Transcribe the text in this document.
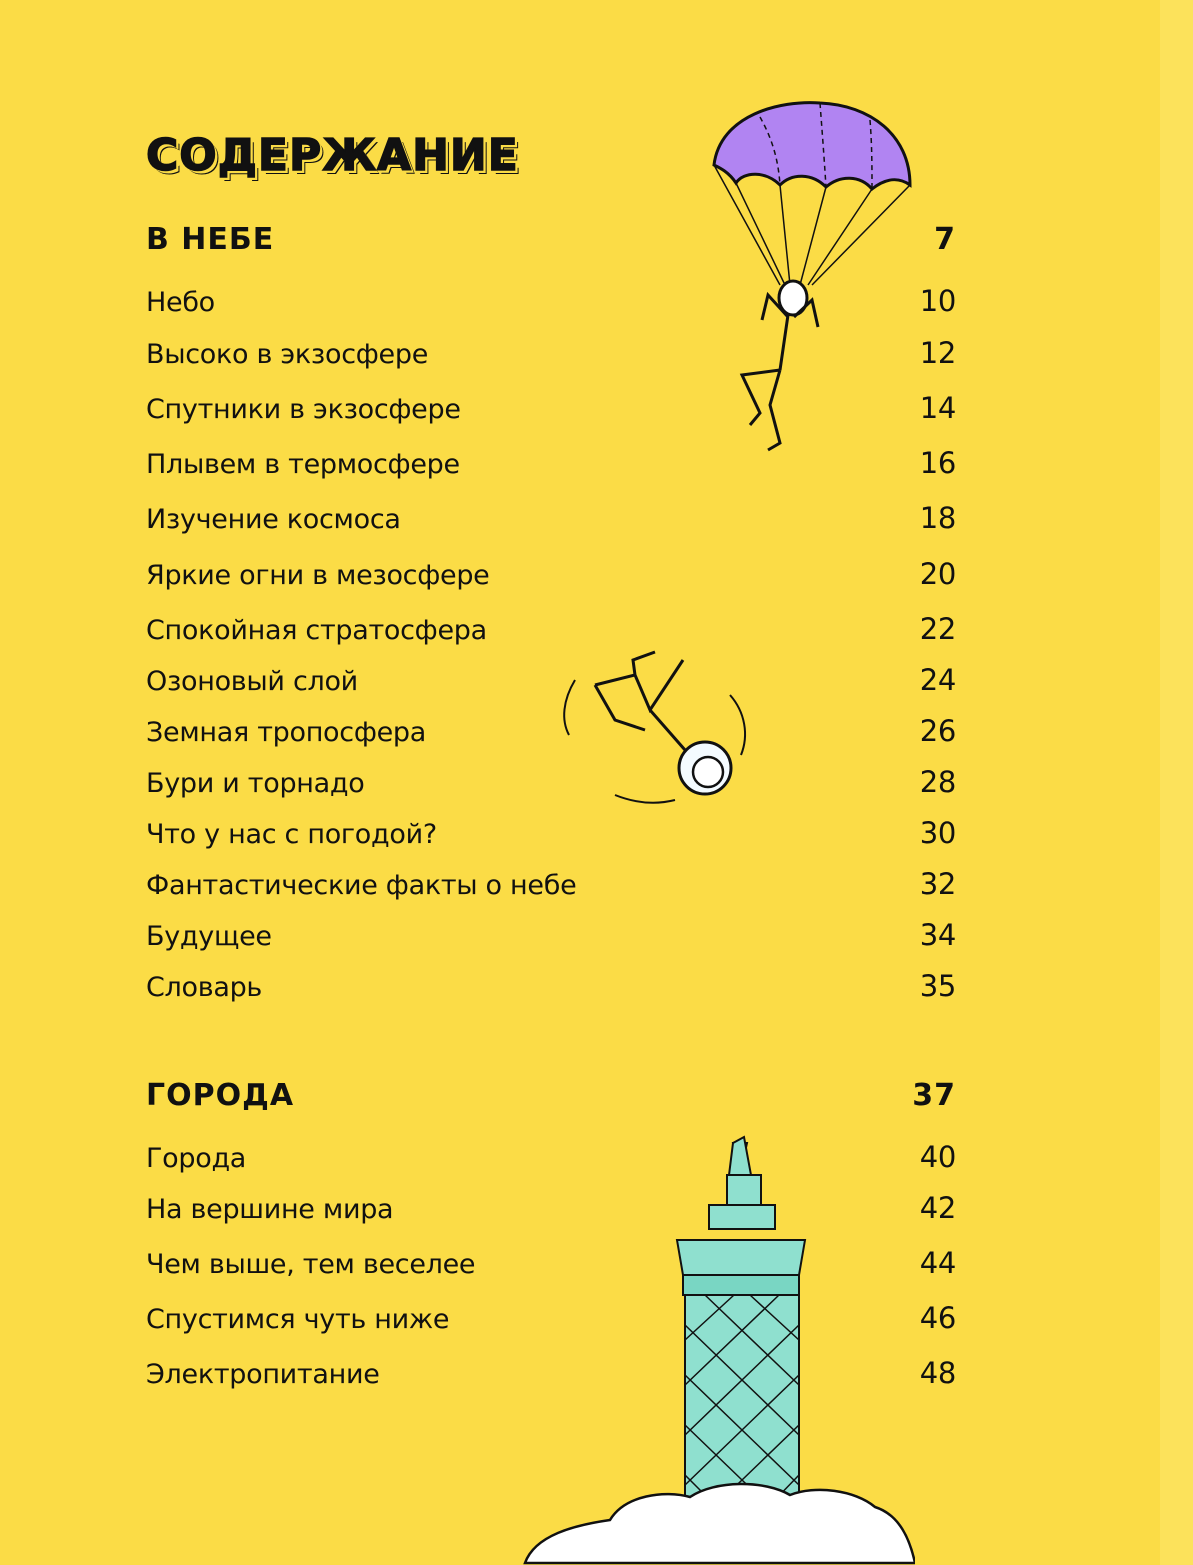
СОДЕРЖАНИЕ
В НЕБЕ	7
Небо	10
Высоко в экзосфере	12
Спутники в экзосфере	14
Плывем в термосфере	16
Изучение космоса	18
Яркие огни в мезосфере	20
Спокойная стратосфера	22
Озоновый слой	24
Земная тропосфера	26
Бури и торнадо	28
Что у нас с погодой?	30
Фантастические факты о небе	32
Будущее	34
Словарь	35
ГОРОДА	37
Города	40
На вершине мира	42
Чем выше, тем веселее	44
Спустимся чуть ниже	46
Электропитание	48
